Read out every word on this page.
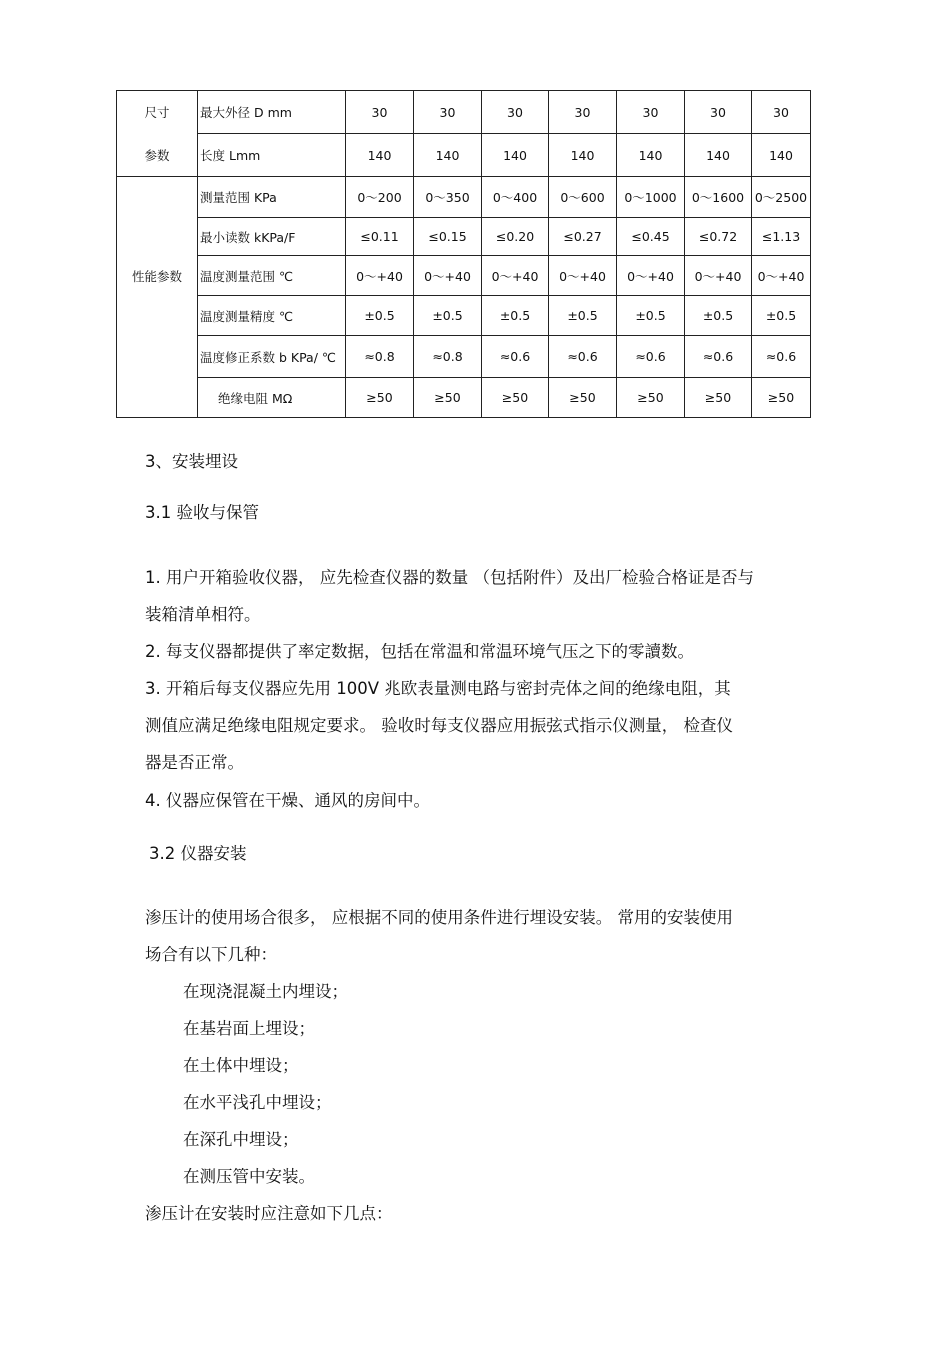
尺寸	最大外径 D mm	30	30	30	30	30	30	30
参数	长度 Lmm	140	140	140	140	140	140	140
	测量范围 KPa	0～200	0～350	0～400	0～600	0～1000	0～1600	0～2500
	最小读数 kKPa/F	≤0.11	≤0.15	≤0.20	≤0.27	≤0.45	≤0.72	≤1.13
性能参数	温度测量范围 ℃	0～+40	0～+40	0～+40	0～+40	0～+40	0～+40	0～+40
	温度测量精度 ℃	±0.5	±0.5	±0.5	±0.5	±0.5	±0.5	±0.5
	温度修正系数 b KPa/ ℃	≈0.8	≈0.8	≈0.6	≈0.6	≈0.6	≈0.6	≈0.6
	绝缘电阻 MΩ	≥50	≥50	≥50	≥50	≥50	≥50	≥50
3、安装埋设
3.1 验收与保管
1. 用户开箱验收仪器， 应先检查仪器的数量 （包括附件）及出厂检验合格证是否与
装箱清单相符。
2. 每支仪器都提供了率定数据，包括在常温和常温环境气压之下的零讀数。
3. 开箱后每支仪器应先用 100V 兆欧表量测电路与密封壳体之间的绝缘电阻，其
测值应满足绝缘电阻规定要求。 验收时每支仪器应用振弦式指示仪测量， 检查仪
器是否正常。
4. 仪器应保管在干燥、通风的房间中。
3.2 仪器安装
渗压计的使用场合很多， 应根据不同的使用条件进行埋设安装。 常用的安装使用
场合有以下几种：
在现浇混凝土内埋设；
在基岩面上埋设；
在土体中埋设；
在水平浅孔中埋设；
在深孔中埋设；
在测压管中安装。
渗压计在安装时应注意如下几点：
